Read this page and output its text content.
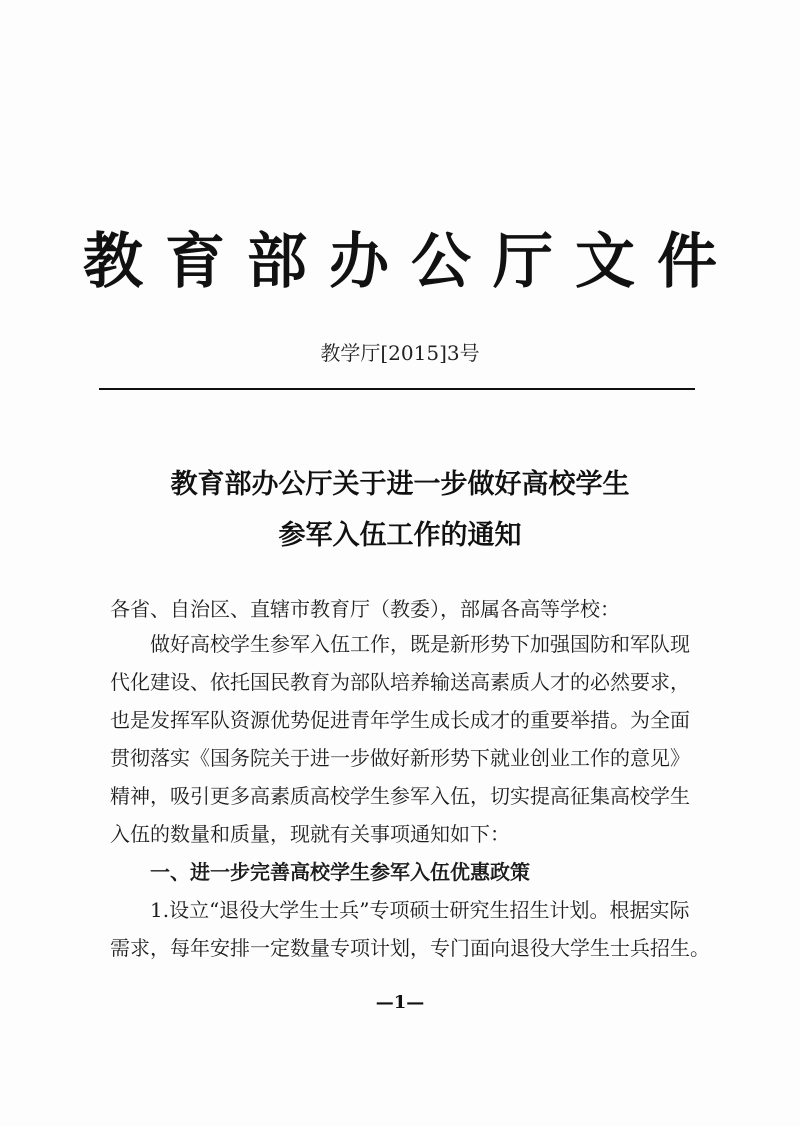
教育部办公厅文件
教学厅[2015]3号
教育部办公厅关于进一步做好高校学生
参军入伍工作的通知
各省、自治区、直辖市教育厅（教委），部属各高等学校：
　　做好高校学生参军入伍工作，既是新形势下加强国防和军队现
代化建设、依托国民教育为部队培养输送高素质人才的必然要求，
也是发挥军队资源优势促进青年学生成长成才的重要举措。为全面
贯彻落实《国务院关于进一步做好新形势下就业创业工作的意见》
精神，吸引更多高素质高校学生参军入伍，切实提高征集高校学生
入伍的数量和质量，现就有关事项通知如下：
　　一、进一步完善高校学生参军入伍优惠政策
　　1.设立“退役大学生士兵”专项硕士研究生招生计划。根据实际
需求，每年安排一定数量专项计划，专门面向退役大学生士兵招生。
—1—
